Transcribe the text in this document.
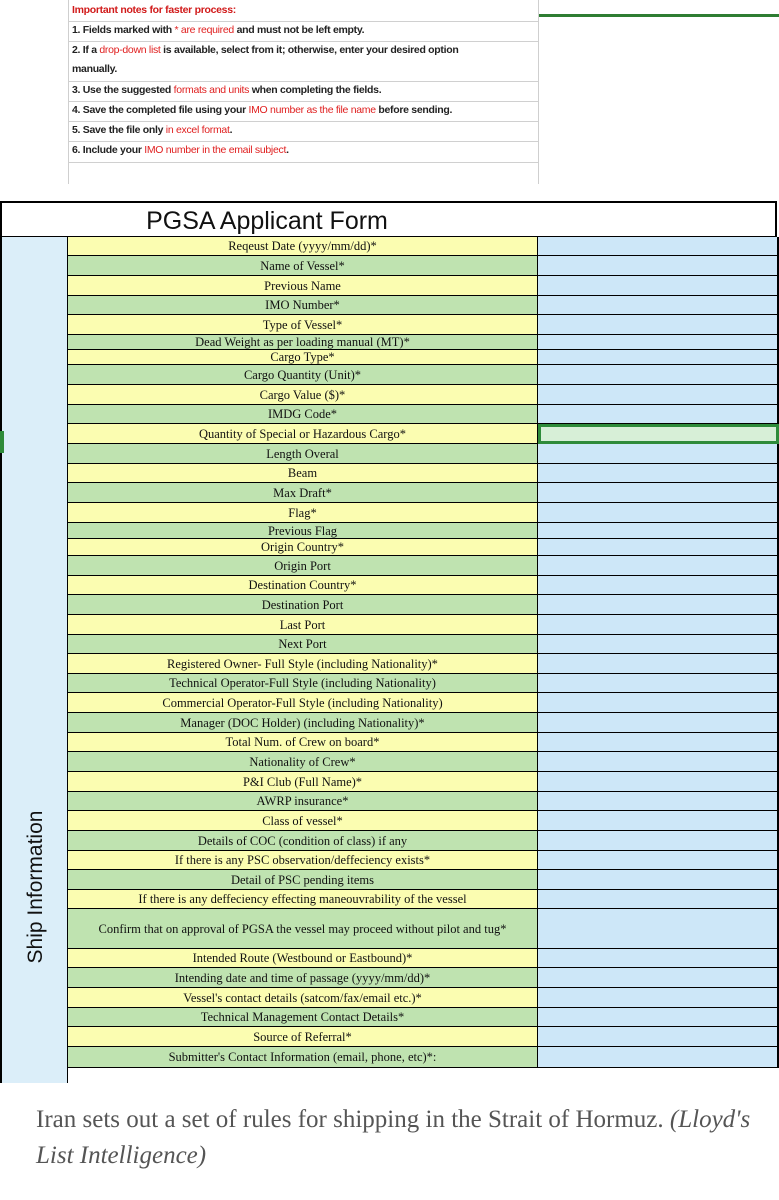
Important notes for faster process:
1. Fields marked with * are required and must not be left empty.
2. If a drop-down list is available, select from it; otherwise, enter your desired option
manually.
3. Use the suggested formats and units when completing the fields.
4. Save the completed file using your IMO number as the file name before sending.
5. Save the file only in excel format.
6. Include your IMO number in the email subject.
PGSA Applicant Form
Ship Information
Reqeust Date (yyyy/mm/dd)*
Name of Vessel*
Previous Name
IMO Number*
Type of Vessel*
Dead Weight as per loading manual (MT)*
Cargo Type*
Cargo Quantity (Unit)*
Cargo Value ($)*
IMDG Code*
Quantity of Special or Hazardous Cargo*
Length Overal
Beam
Max Draft*
Flag*
Previous Flag
Origin Country*
Origin Port
Destination Country*
Destination Port
Last Port
Next Port
Registered Owner- Full Style (including Nationality)*
Technical Operator-Full Style (including Nationality)
Commercial Operator-Full Style (including Nationality)
Manager (DOC Holder) (including Nationality)*
Total Num. of Crew on board*
Nationality of Crew*
P&I Club (Full Name)*
AWRP insurance*
Class of vessel*
Details of COC (condition of class) if any
If there is any PSC observation/deffeciency exists*
Detail of PSC pending items
If there is any deffeciency effecting maneouvrability of the vessel
Confirm that on approval of PGSA the vessel may proceed without pilot and tug*
Intended Route (Westbound or Eastbound)*
Intending date and time of passage (yyyy/mm/dd)*
Vessel's contact details (satcom/fax/email etc.)*
Technical Management Contact Details*
Source of Referral*
Submitter's Contact Information (email, phone, etc)*:
Iran sets out a set of rules for shipping in the Strait of Hormuz. (Lloyd's List Intelligence)
